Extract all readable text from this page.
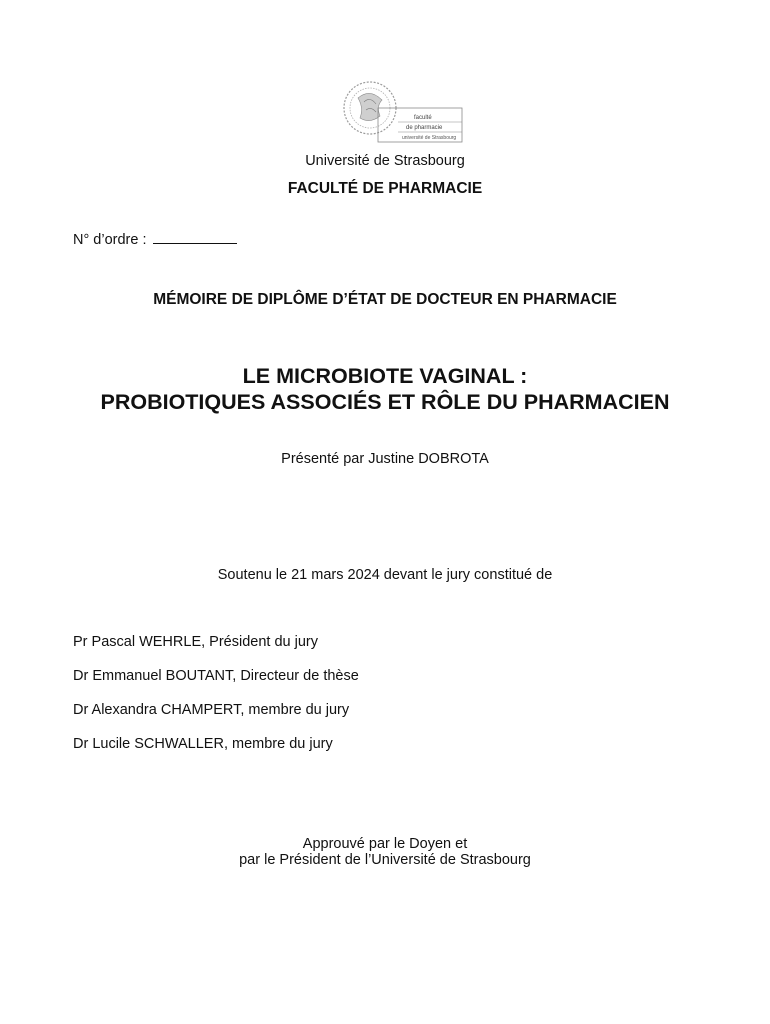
faculté
de pharmacie
université de Strasbourg
Université de Strasbourg
FACULTÉ DE PHARMACIE
N° d’ordre :
MÉMOIRE DE DIPLÔME D’ÉTAT DE DOCTEUR EN PHARMACIE
LE MICROBIOTE VAGINAL :
PROBIOTIQUES ASSOCIÉS ET RÔLE DU PHARMACIEN
Présenté par Justine DOBROTA
Soutenu le 21 mars 2024 devant le jury constitué de
Pr Pascal WEHRLE, Président du jury
Dr Emmanuel BOUTANT, Directeur de thèse
Dr Alexandra CHAMPERT, membre du jury
Dr Lucile SCHWALLER, membre du jury
Approuvé par le Doyen et
par le Président de l’Université de Strasbourg
